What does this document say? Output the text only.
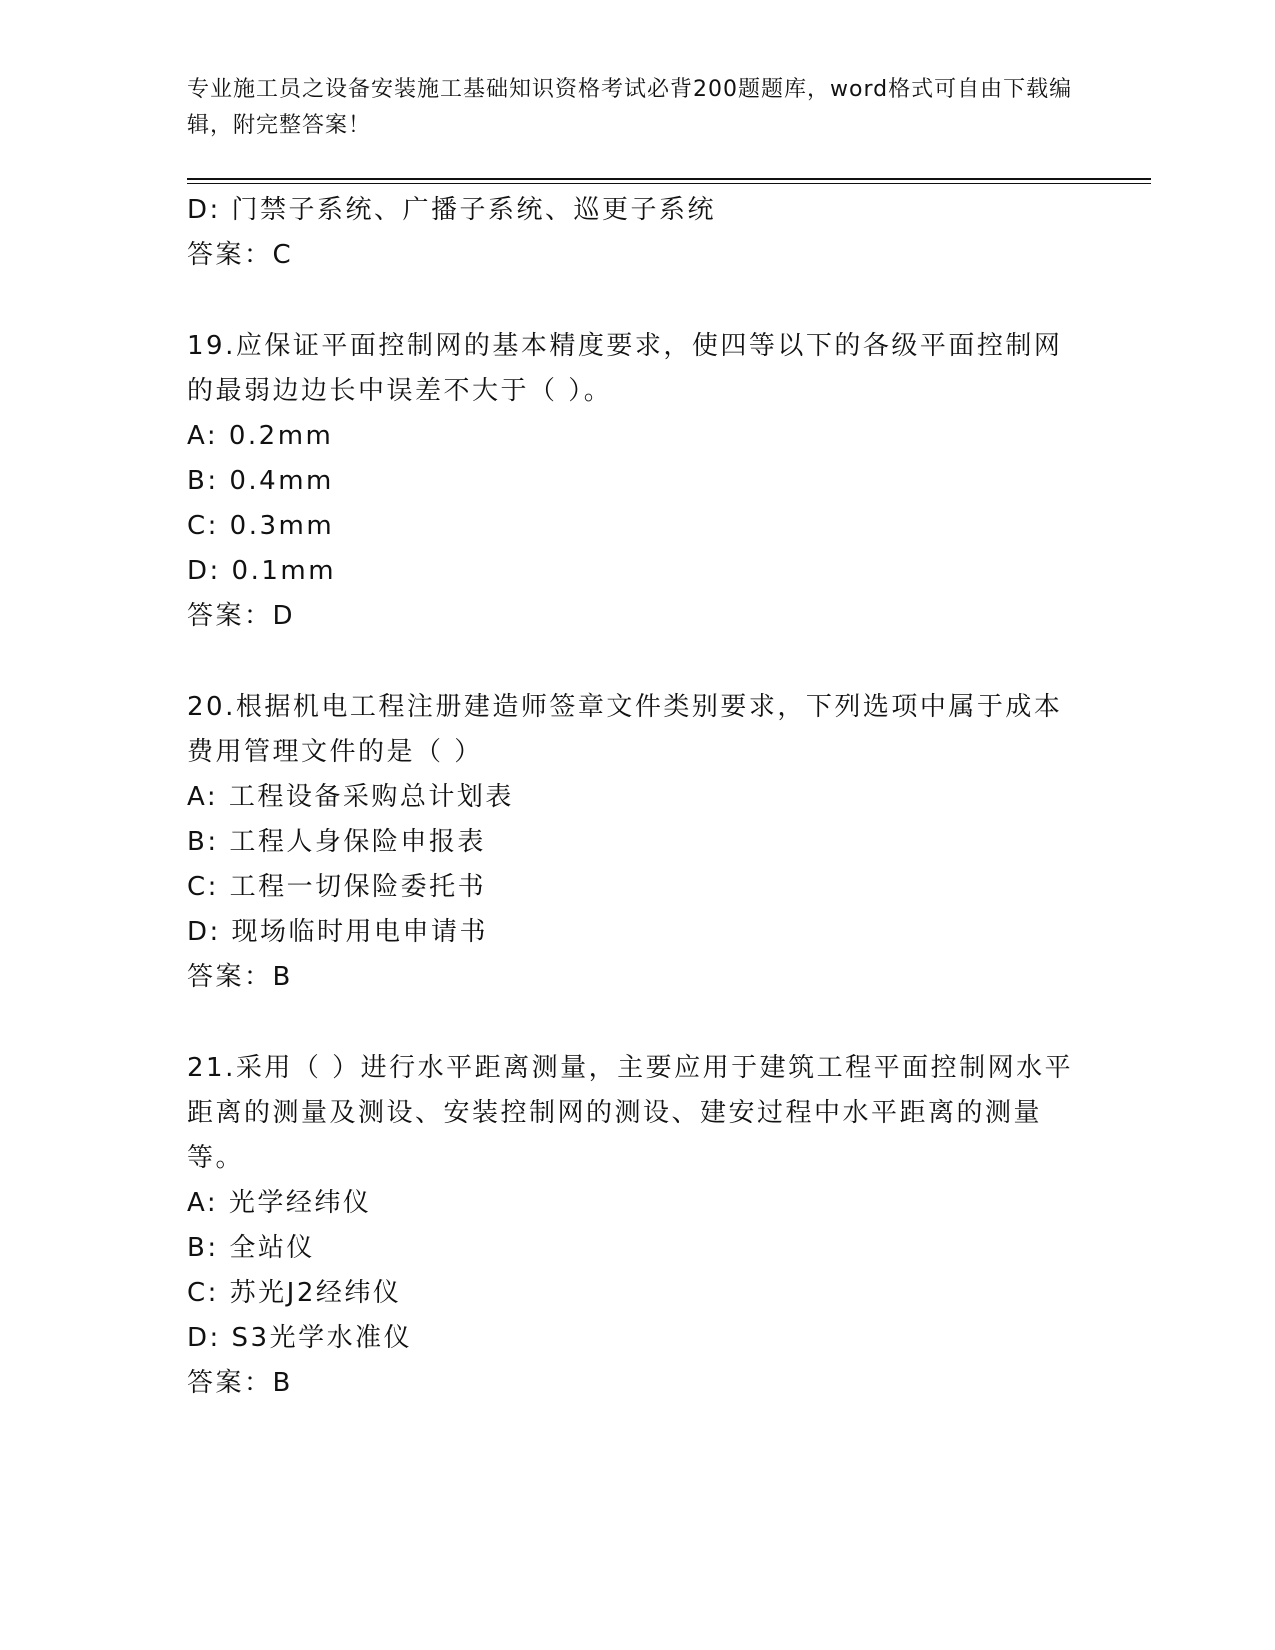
专业施工员之设备安装施工基础知识资格考试必背200题题库，word格式可自由下载编辑，附完整答案！
D: 门禁子系统、广播子系统、巡更子系统
答案：C
19.应保证平面控制网的基本精度要求，使四等以下的各级平面控制网的最弱边边长中误差不大于（ ）。
A: 0.2mm
B: 0.4mm
C: 0.3mm
D: 0.1mm
答案：D
20.根据机电工程注册建造师签章文件类别要求，下列选项中属于成本费用管理文件的是（ ）
A: 工程设备采购总计划表
B: 工程人身保险申报表
C: 工程一切保险委托书
D: 现场临时用电申请书
答案：B
21.采用（ ）进行水平距离测量，主要应用于建筑工程平面控制网水平距离的测量及测设、安装控制网的测设、建安过程中水平距离的测量等。
A: 光学经纬仪
B: 全站仪
C: 苏光J2经纬仪
D: S3光学水准仪
答案：B
